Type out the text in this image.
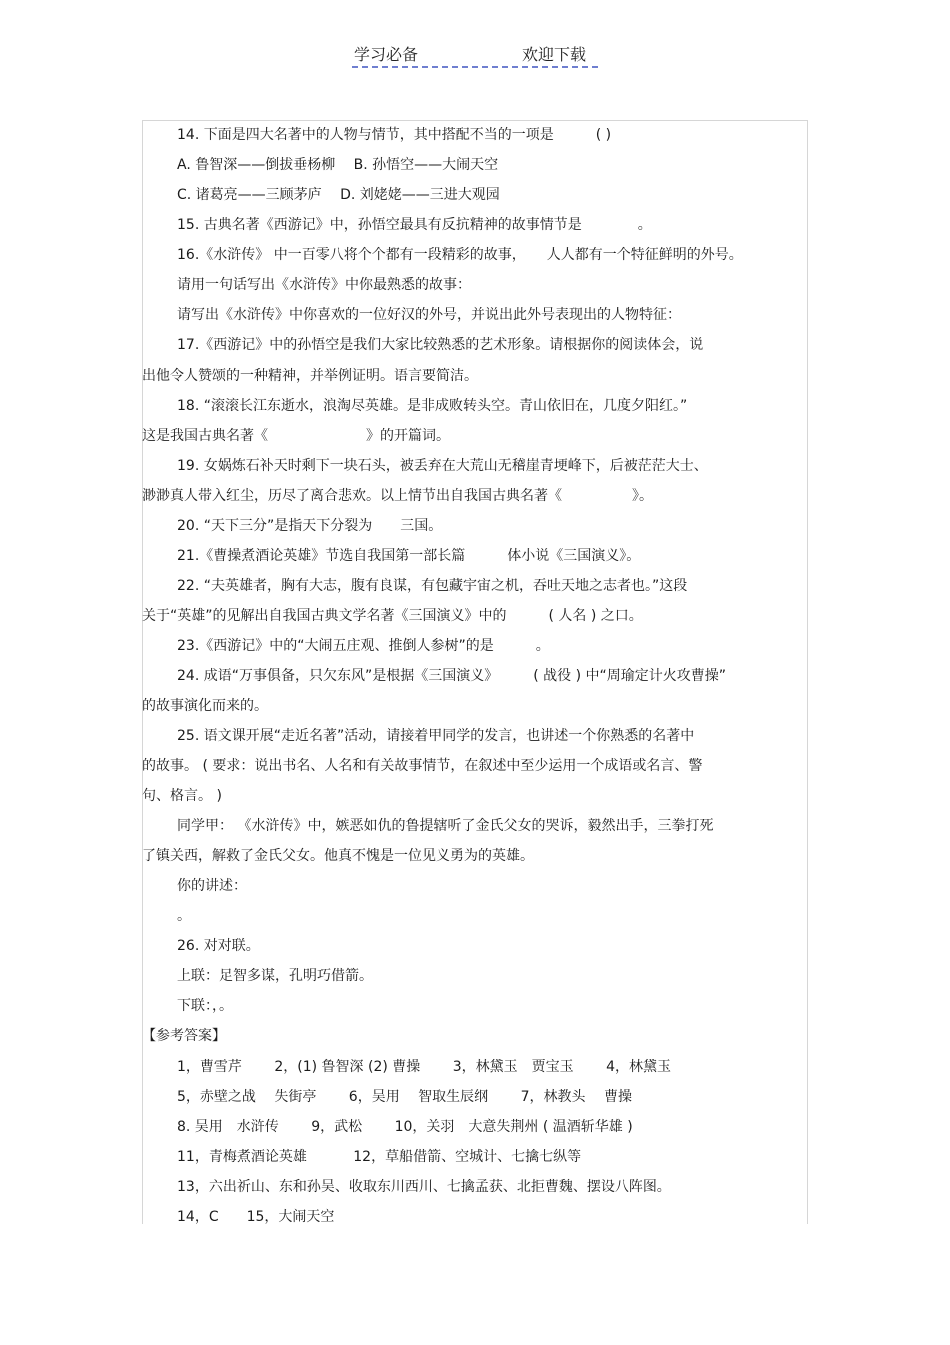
学习必备	欢迎下载
14. 下面是四大名著中的人物与情节，其中搭配不当的一项是　　　( )
A. 鲁智深——倒拔垂杨柳　 B. 孙悟空——大闹天空
C. 诸葛亮——三顾茅庐　 D. 刘姥姥——三进大观园
15. 古典名著《西游记》中，孙悟空最具有反抗精神的故事情节是　　　　。
16.《水浒传》 中一百零八将个个都有一段精彩的故事，　　人人都有一个特征鲜明的外号。
请用一句话写出《水浒传》中你最熟悉的故事：
请写出《水浒传》中你喜欢的一位好汉的外号，并说出此外号表现出的人物特征：
17.《西游记》中的孙悟空是我们大家比较熟悉的艺术形象。请根据你的阅读体会，说
出他令人赞颂的一种精神，并举例证明。语言要简洁。
18. “滚滚长江东逝水，浪淘尽英雄。是非成败转头空。青山依旧在，几度夕阳红。”
这是我国古典名著《　　　　　　　》的开篇词。
19. 女娲炼石补天时剩下一块石头，被丢弃在大荒山无稽崖青埂峰下，后被茫茫大士、
渺渺真人带入红尘，历尽了离合悲欢。以上情节出自我国古典名著《　　　　　》。
20. “天下三分”是指天下分裂为　　三国。
21.《曹操煮酒论英雄》节选自我国第一部长篇　　　体小说《三国演义》。
22. “夫英雄者，胸有大志，腹有良谋，有包藏宇宙之机，吞吐天地之志者也。”这段
关于“英雄”的见解出自我国古典文学名著《三国演义》中的　　　( 人名 ) 之口。
23.《西游记》中的“大闹五庄观、推倒人参树”的是　　　。
24. 成语“万事俱备，只欠东风”是根据《三国演义》　　　( 战役 ) 中“周瑜定计火攻曹操”
的故事演化而来的。
25. 语文课开展“走近名著”活动，请接着甲同学的发言，也讲述一个你熟悉的名著中
的故事。 ( 要求：说出书名、人名和有关故事情节，在叙述中至少运用一个成语或名言、警
句、格言。 )
同学甲： 《水浒传》中，嫉恶如仇的鲁提辖听了金氏父女的哭诉，毅然出手，三拳打死
了镇关西，解救了金氏父女。他真不愧是一位见义勇为的英雄。
你的讲述：
。
26. 对对联。
上联：足智多谋，孔明巧借箭。
下联：，。
【参考答案】
1，曹雪芹　　 2，(1) 鲁智深 (2) 曹操　　 3，林黛玉　贾宝玉　　 4，林黛玉
5，赤壁之战　 失街亭　　 6，吴用　 智取生辰纲　　 7，林教头　 曹操
8. 吴用　水浒传　　 9，武松　　 10，关羽　大意失荆州 ( 温酒斩华雄 )
11，青梅煮酒论英雄　　　 12，草船借箭、空城计、七擒七纵等
13，六出祈山、东和孙吴、收取东川西川、七擒孟获、北拒曹魏、摆设八阵图。
14，C　　15，大闹天空
